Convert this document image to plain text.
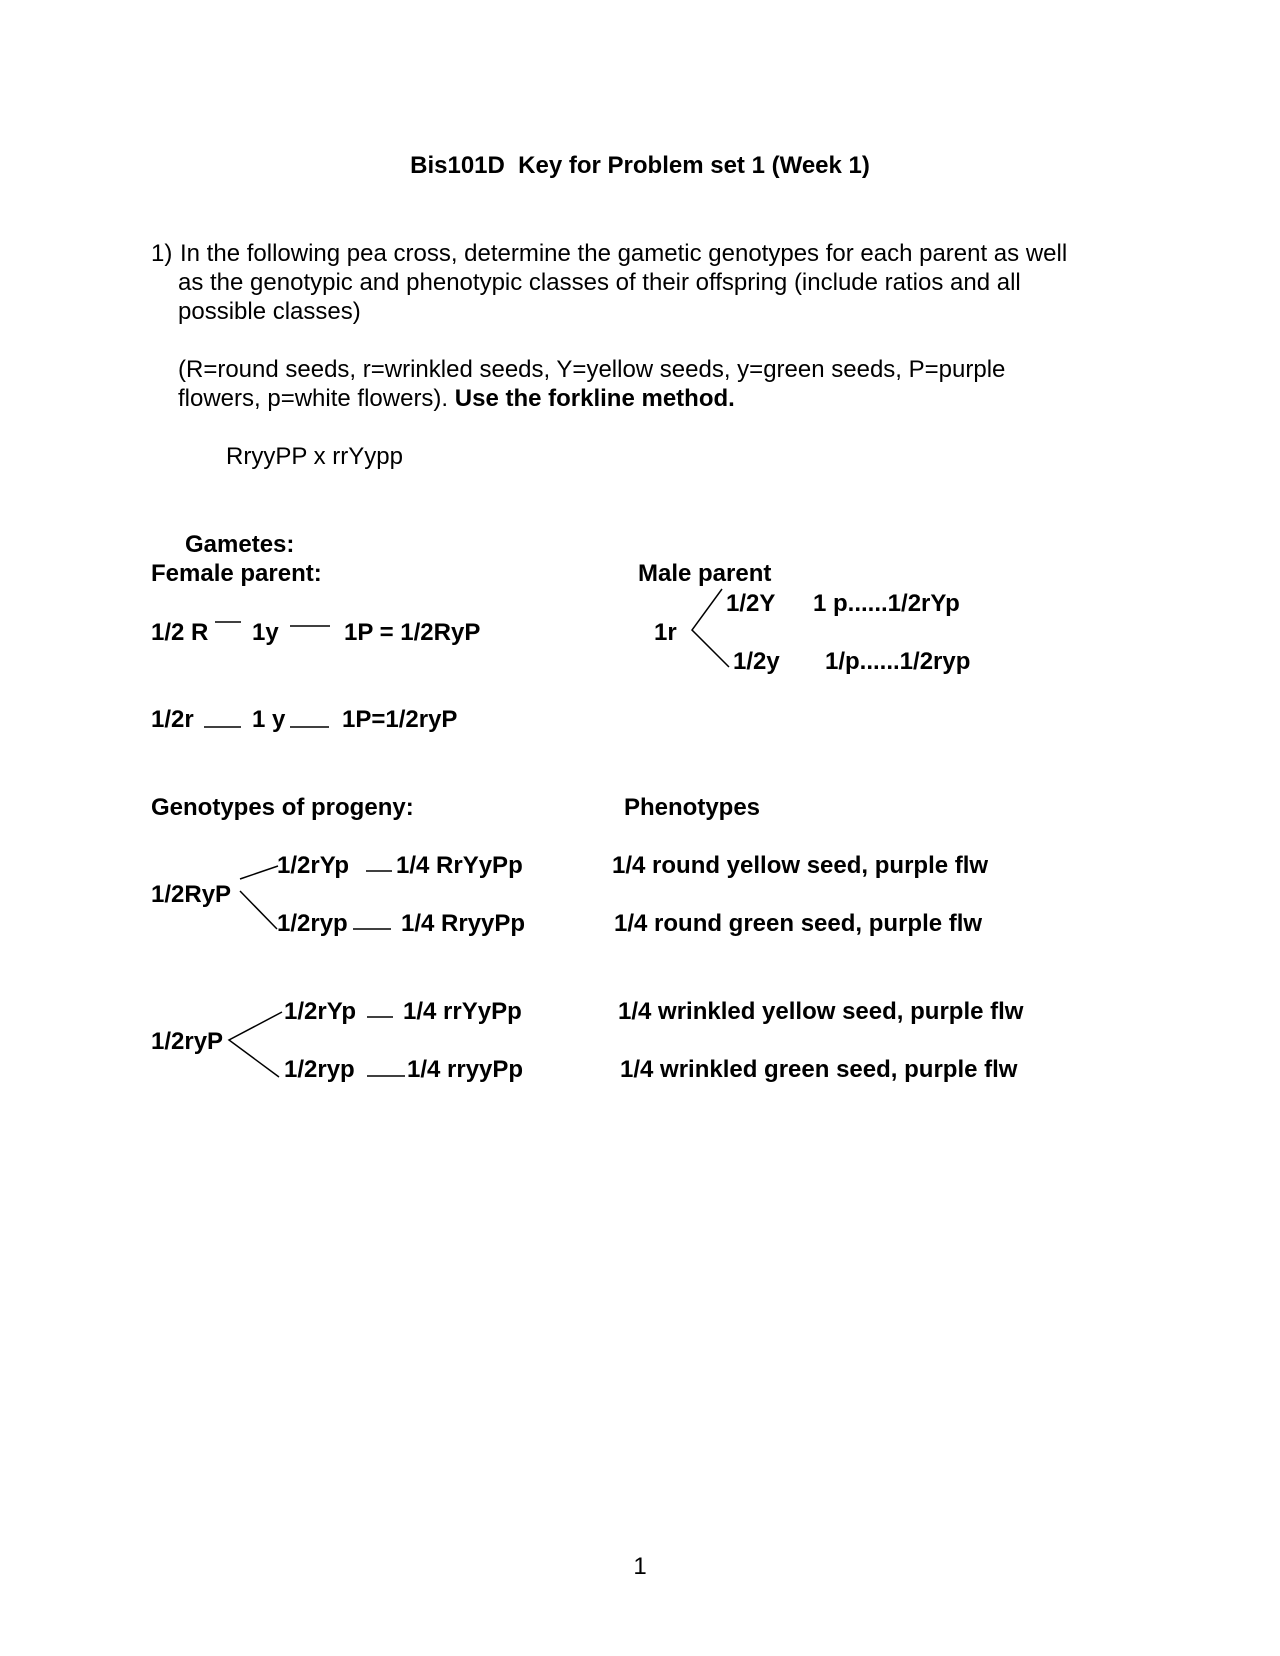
Bis101D  Key for Problem set 1 (Week 1)
1) In the following pea cross, determine the gametic genotypes for each parent as well
as the genotypic and phenotypic classes of their offspring (include ratios and all
possible classes)
(R=round seeds, r=wrinkled seeds, Y=yellow seeds, y=green seeds, P=purple
flowers, p=white flowers). Use the forkline method.
RryyPP x rrYypp
Gametes:
Female parent:	Male parent
1/2 R 1y	1P = 1/2RyP
1/2r 1 y 1P=1/2ryP
1r
1/2Y 1 p......1/2rYp
1/2y 1/p......1/2ryp
Genotypes of progeny:	Phenotypes
1/2RyP
1/2rYp 1/4 RrYyPp	1/4 round yellow seed, purple flw
1/2ryp 1/4 RryyPp	1/4 round green seed, purple flw
1/2ryP
1/2rYp 1/4 rrYyPp	1/4 wrinkled yellow seed, purple flw
1/2ryp 1/4 rryyPp	1/4 wrinkled green seed, purple flw
1
